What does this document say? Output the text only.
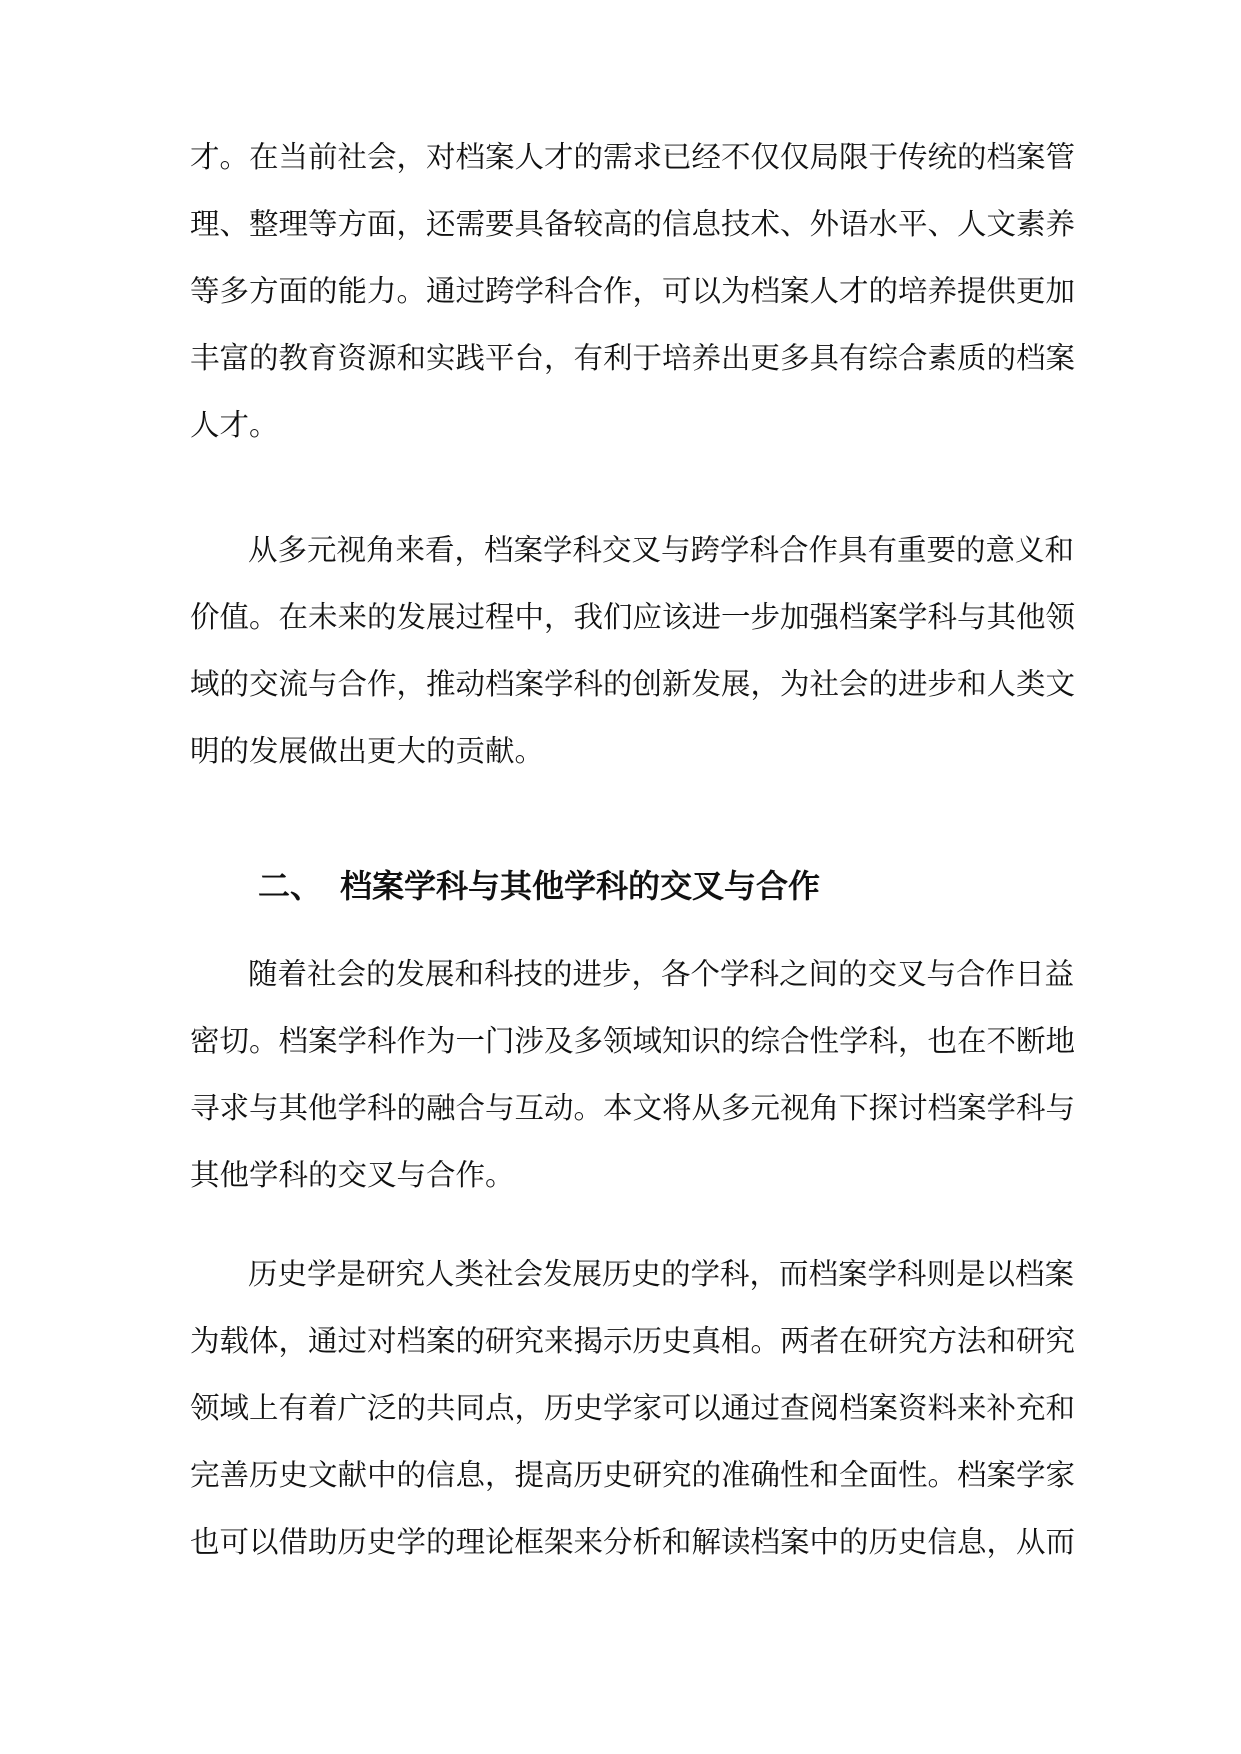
才。在当前社会，对档案人才的需求已经不仅仅局限于传统的档案管
理、整理等方面，还需要具备较高的信息技术、外语水平、人文素养
等多方面的能力。通过跨学科合作，可以为档案人才的培养提供更加
丰富的教育资源和实践平台，有利于培养出更多具有综合素质的档案
人才。
从多元视角来看，档案学科交叉与跨学科合作具有重要的意义和
价值。在未来的发展过程中，我们应该进一步加强档案学科与其他领
域的交流与合作，推动档案学科的创新发展，为社会的进步和人类文
明的发展做出更大的贡献。
二、 档案学科与其他学科的交叉与合作
随着社会的发展和科技的进步，各个学科之间的交叉与合作日益
密切。档案学科作为一门涉及多领域知识的综合性学科，也在不断地
寻求与其他学科的融合与互动。本文将从多元视角下探讨档案学科与
其他学科的交叉与合作。
历史学是研究人类社会发展历史的学科，而档案学科则是以档案
为载体，通过对档案的研究来揭示历史真相。两者在研究方法和研究
领域上有着广泛的共同点，历史学家可以通过查阅档案资料来补充和
完善历史文献中的信息，提高历史研究的准确性和全面性。档案学家
也可以借助历史学的理论框架来分析和解读档案中的历史信息，从而
